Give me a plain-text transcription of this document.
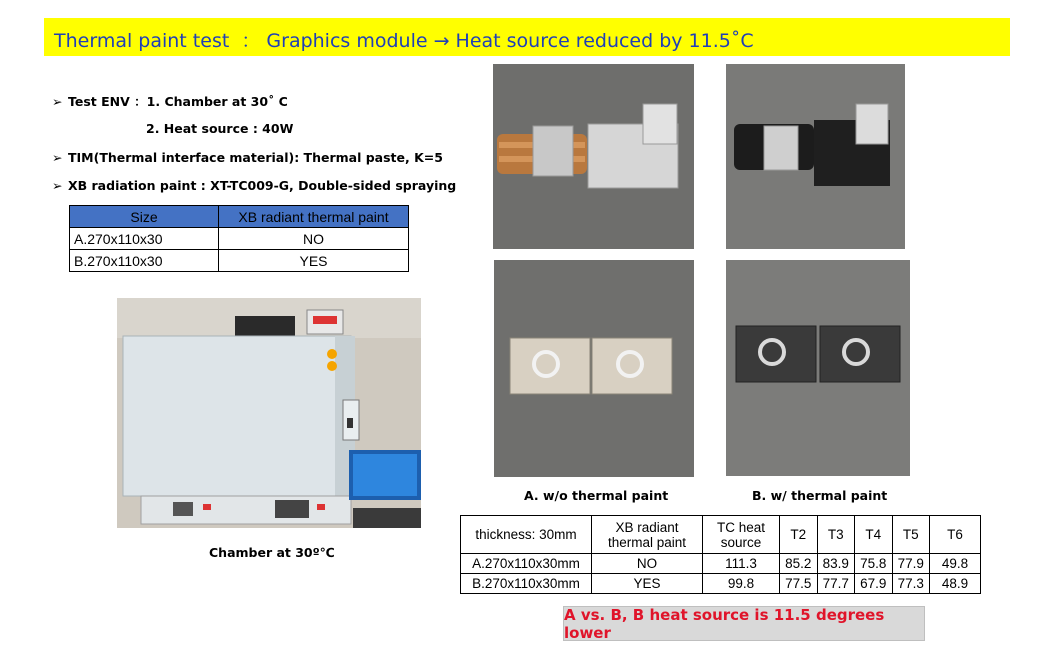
Thermal paint test  ： Graphics module → Heat source reduced by 11.5˚C
➢ Test ENV ：1. Chamber at 30˚ C
2. Heat source : 40W
➢ TIM(Thermal interface material): Thermal paste, K=5
➢ XB radiation paint : XT-TC009-G, Double-sided spraying
Size	XB radiant thermal paint
A.270x110x30	NO
B.270x110x30	YES
Chamber at 30º℃
A. w/o thermal paint	B. w/ thermal paint
thickness: 30mm	XB radiant thermal paint	TC heat source	T2	T3	T4	T5	T6
A.270x110x30mm	NO	111.3	85.2	83.9	75.8	77.9	49.8
B.270x110x30mm	YES	99.8	77.5	77.7	67.9	77.3	48.9
A vs. B, B heat source is 11.5 degrees lower
